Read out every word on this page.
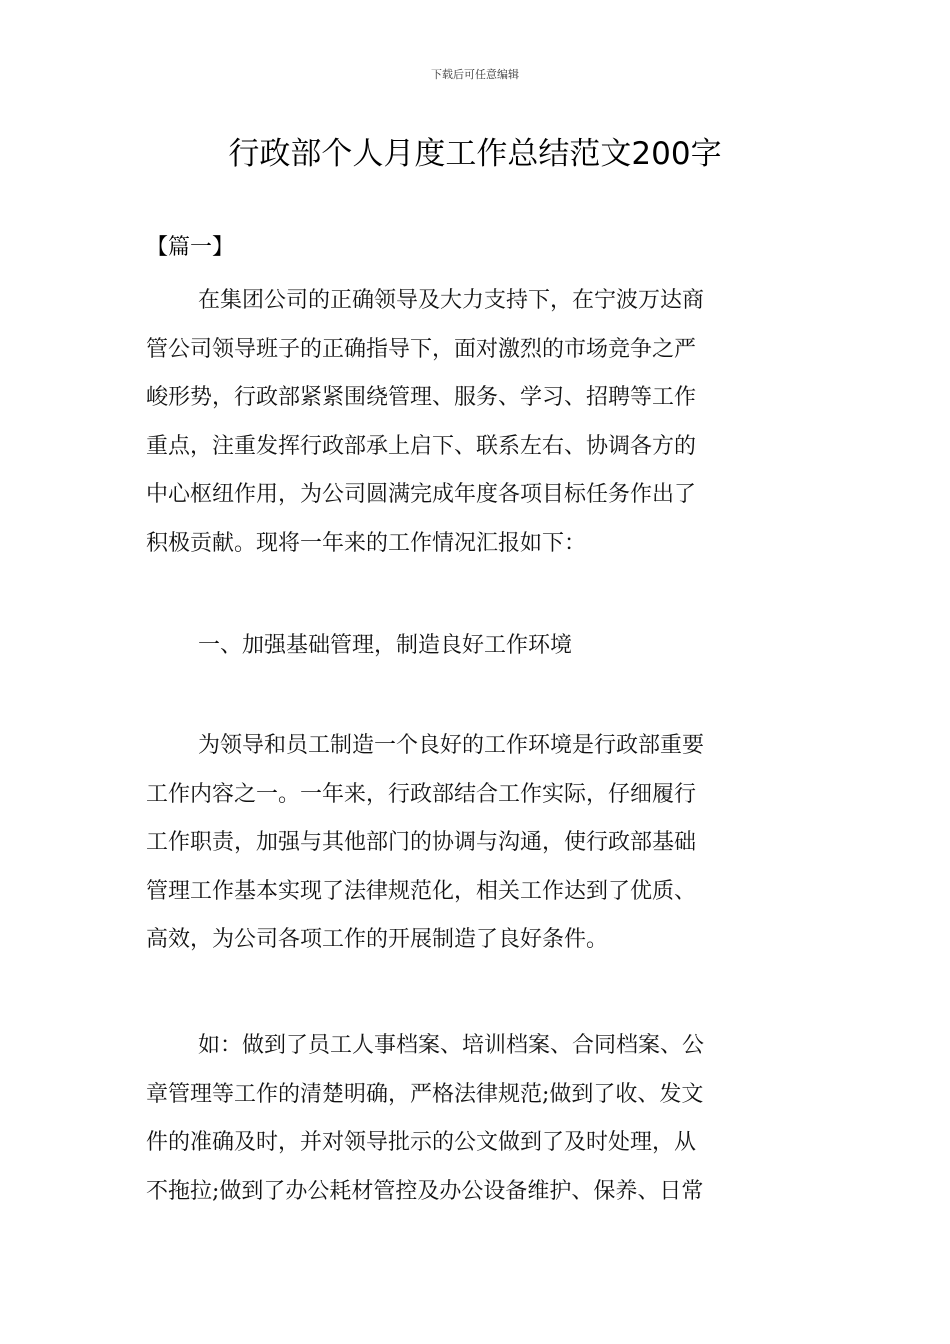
下载后可任意编辑
行政部个人月度工作总结范文200字
【篇一】
在集团公司的正确领导及大力支持下，在宁波万达商
管公司领导班子的正确指导下，面对激烈的市场竞争之严
峻形势，行政部紧紧围绕管理、服务、学习、招聘等工作
重点，注重发挥行政部承上启下、联系左右、协调各方的
中心枢纽作用，为公司圆满完成年度各项目标任务作出了
积极贡献。现将一年来的工作情况汇报如下：
一、加强基础管理，制造良好工作环境
为领导和员工制造一个良好的工作环境是行政部重要
工作内容之一。一年来，行政部结合工作实际，仔细履行
工作职责，加强与其他部门的协调与沟通，使行政部基础
管理工作基本实现了法律规范化，相关工作达到了优质、
高效，为公司各项工作的开展制造了良好条件。
如：做到了员工人事档案、培训档案、合同档案、公
章管理等工作的清楚明确，严格法律规范;做到了收、发文
件的准确及时，并对领导批示的公文做到了及时处理，从
不拖拉;做到了办公耗材管控及办公设备维护、保养、日常
